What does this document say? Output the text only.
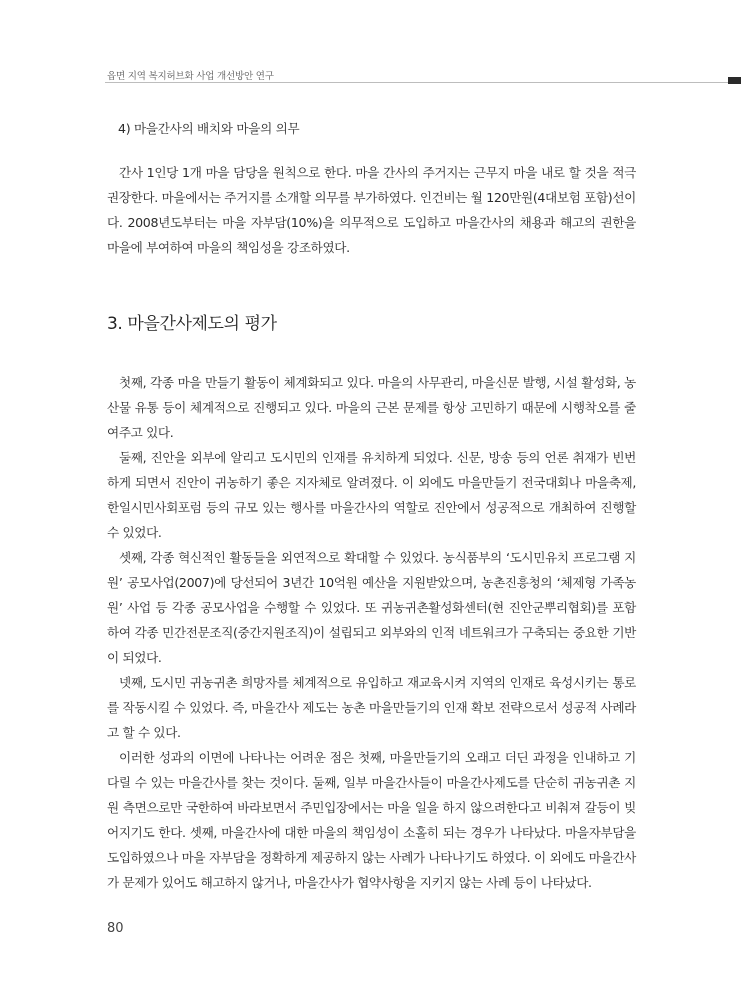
읍면 지역 복지허브화 사업 개선방안 연구
4) 마을간사의 배치와 마을의 의무

간사 1인당 1개 마을 담당을 원칙으로 한다. 마을 간사의 주거지는 근무지 마을 내로 할 것을 적극 권장한다. 마을에서는 주거지를 소개할 의무를 부가하였다. 인건비는 월 120만원(4대보험 포함)선이다. 2008년도부터는 마을 자부담(10%)을 의무적으로 도입하고 마을간사의 채용과 해고의 권한을 마을에 부여하여 마을의 책임성을 강조하였다.

3. 마을간사제도의 평가
첫째, 각종 마을 만들기 활동이 체계화되고 있다. 마을의 사무관리, 마을신문 발행, 시설 활성화, 농산물 유통 등이 체계적으로 진행되고 있다. 마을의 근본 문제를 항상 고민하기 때문에 시행착오를 줄여주고 있다.
둘째, 진안을 외부에 알리고 도시민의 인재를 유치하게 되었다. 신문, 방송 등의 언론 취재가 빈번하게 되면서 진안이 귀농하기 좋은 지자체로 알려졌다. 이 외에도 마을만들기 전국대회나 마을축제, 한일시민사회포럼 등의 규모 있는 행사를 마을간사의 역할로 진안에서 성공적으로 개최하여 진행할 수 있었다.
셋째, 각종 혁신적인 활동들을 외연적으로 확대할 수 있었다. 농식품부의 ‘도시민유치 프로그램 지원’ 공모사업(2007)에 당선되어 3년간 10억원 예산을 지원받았으며, 농촌진흥청의 ‘체제형 가족농원’ 사업 등 각종 공모사업을 수행할 수 있었다. 또 귀농귀촌활성화센터(현 진안군뿌리협회)를 포함하여 각종 민간전문조직(중간지원조직)이 설립되고 외부와의 인적 네트워크가 구축되는 중요한 기반이 되었다.
넷째, 도시민 귀농귀촌 희망자를 체계적으로 유입하고 재교육시켜 지역의 인재로 육성시키는 통로를 작동시킬 수 있었다. 즉, 마을간사 제도는 농촌 마을만들기의 인재 확보 전략으로서 성공적 사례라고 할 수 있다.
이러한 성과의 이면에 나타나는 어려운 점은 첫째, 마을만들기의 오래고 더딘 과정을 인내하고 기다릴 수 있는 마을간사를 찾는 것이다. 둘째, 일부 마을간사들이 마을간사제도를 단순히 귀농귀촌 지원 측면으로만 국한하여 바라보면서 주민입장에서는 마을 일을 하지 않으려한다고 비춰져 갈등이 빚어지기도 한다. 셋째, 마을간사에 대한 마을의 책임성이 소홀히 되는 경우가 나타났다. 마을자부담을 도입하였으나 마을 자부담을 정확하게 제공하지 않는 사례가 나타나기도 하였다. 이 외에도 마을간사가 문제가 있어도 해고하지 않거나, 마을간사가 협약사항을 지키지 않는 사례 등이 나타났다.
80
